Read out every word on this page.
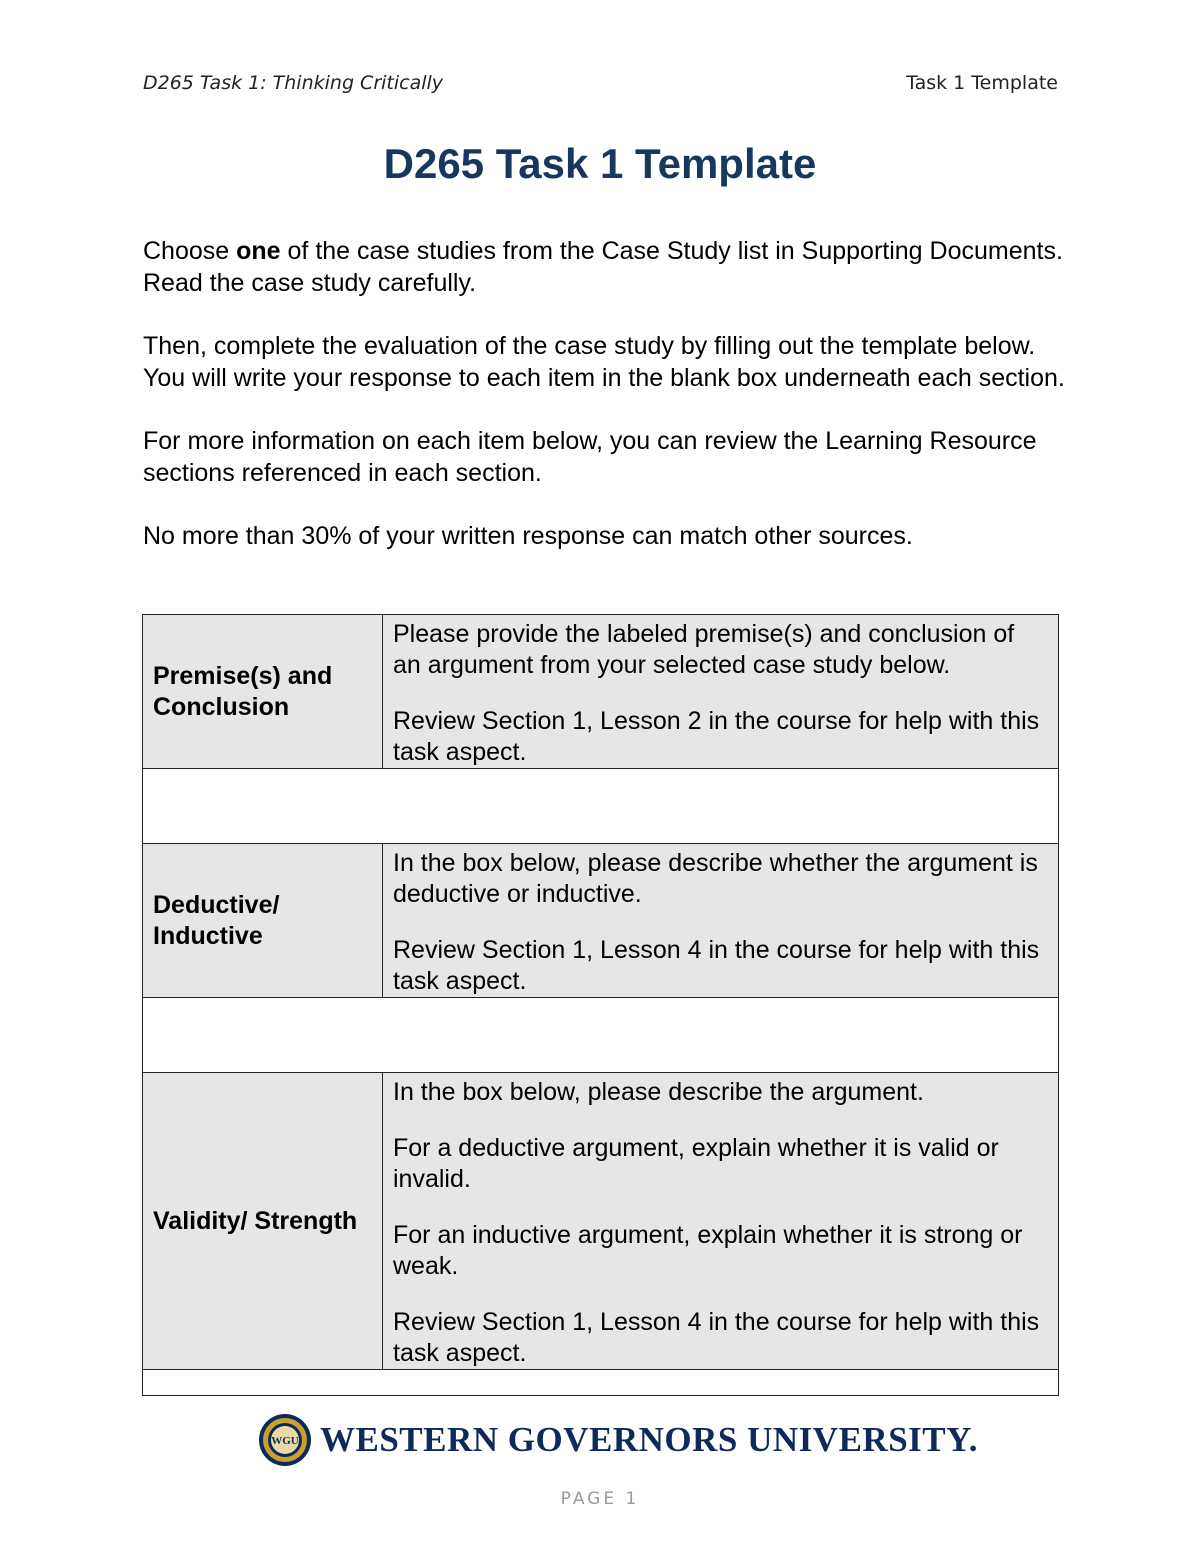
D265 Task 1: Thinking Critically	Task 1 Template
D265 Task 1 Template

Choose one of the case studies from the Case Study list in Supporting Documents. Read the case study carefully.

Then, complete the evaluation of the case study by filling out the template below. You will write your response to each item in the blank box underneath each section.

For more information on each item below, you can review the Learning Resource sections referenced in each section.

No more than 30% of your written response can match other sources.

Premise(s) and Conclusion	Please provide the labeled premise(s) and conclusion of an argument from your selected case study below.

Review Section 1, Lesson 2 in the course for help with this task aspect.

Deductive/ Inductive	In the box below, please describe whether the argument is deductive or inductive.

Review Section 1, Lesson 4 in the course for help with this task aspect.

Validity/ Strength	In the box below, please describe the argument.

For a deductive argument, explain whether it is valid or invalid.

For an inductive argument, explain whether it is strong or weak.

Review Section 1, Lesson 4 in the course for help with this task aspect.

WGU WESTERN GOVERNORS UNIVERSITY.
PAGE 1
